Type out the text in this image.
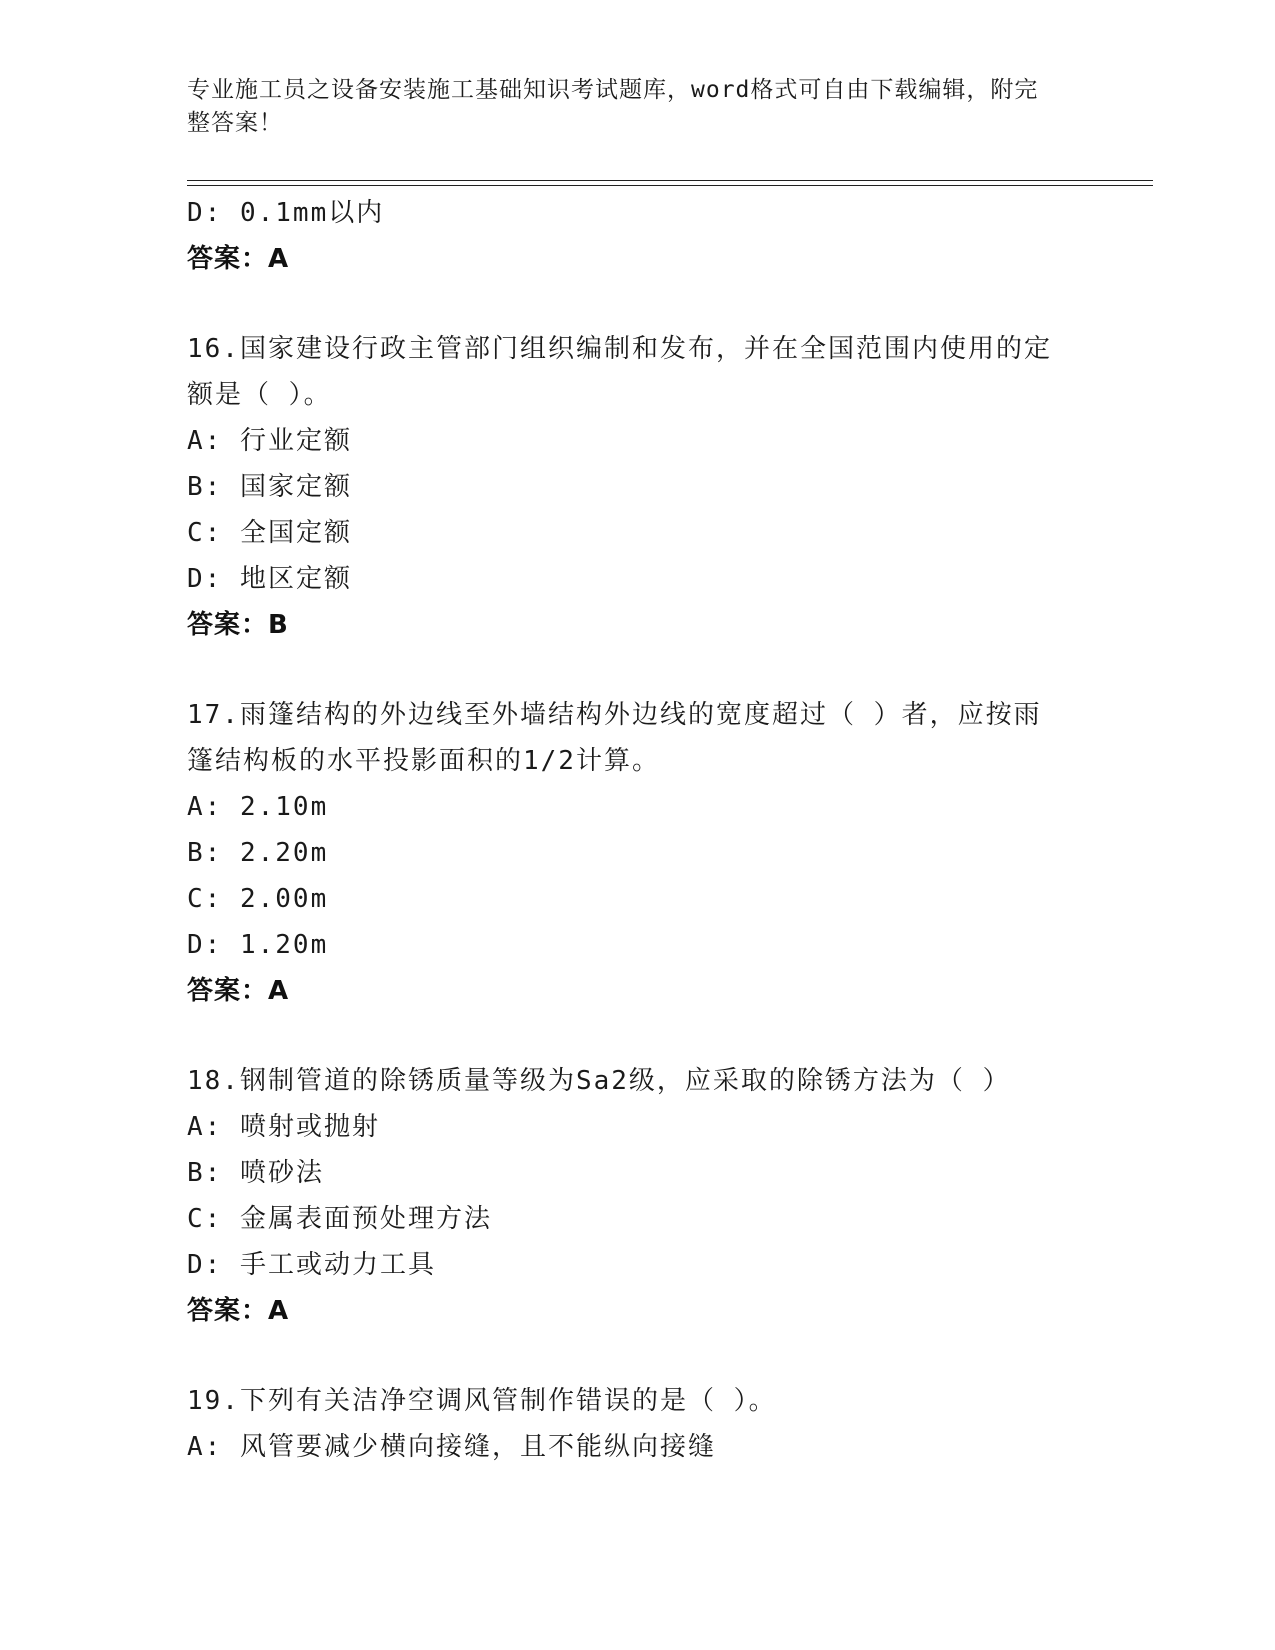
专业施工员之设备安装施工基础知识考试题库，word格式可自由下载编辑，附完
整答案！
D: 0.1mm以内
答案：A
16.国家建设行政主管部门组织编制和发布，并在全国范围内使用的定
额是（ ）。
A: 行业定额
B: 国家定额
C: 全国定额
D: 地区定额
答案：B
17.雨篷结构的外边线至外墙结构外边线的宽度超过（ ）者，应按雨
篷结构板的水平投影面积的1/2计算。
A: 2.10m
B: 2.20m
C: 2.00m
D: 1.20m
答案：A
18.钢制管道的除锈质量等级为Sa2级，应采取的除锈方法为（ ）
A: 喷射或抛射
B: 喷砂法
C: 金属表面预处理方法
D: 手工或动力工具
答案：A
19.下列有关洁净空调风管制作错误的是（ ）。
A: 风管要减少横向接缝，且不能纵向接缝
